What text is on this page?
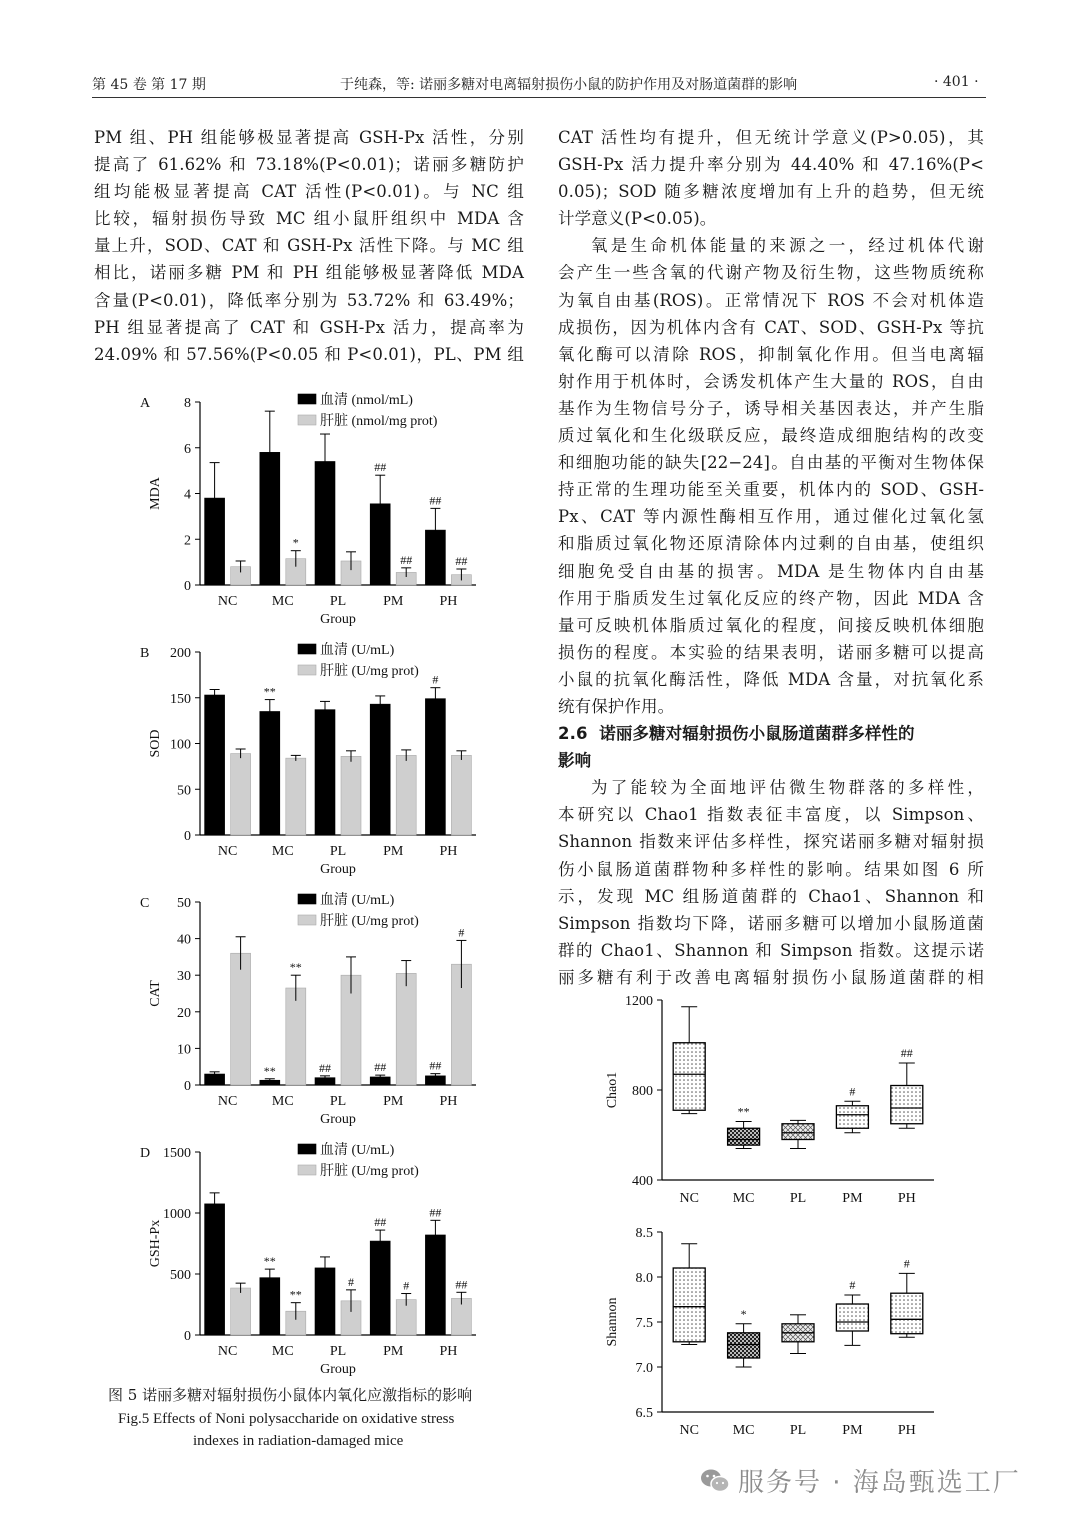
第 45 卷 第 17 期	于纯森，等: 诺丽多糖对电离辐射损伤小鼠的防护作用及对肠道菌群的影响	· 401 ·
PM 组、PH 组能够极显著提高 GSH-Px 活性，分别
提高了 61.62% 和 73.18%(P<0.01)；诺丽多糖防护
组均能极显著提高 CAT 活性(P<0.01)。与 NC 组
比较，辐射损伤导致 MC 组小鼠肝组织中 MDA 含
量上升，SOD、CAT 和 GSH-Px 活性下降。与 MC 组
相比，诺丽多糖 PM 和 PH 组能够极显著降低 MDA
含量(P<0.01)，降低率分别为 53.72% 和 63.49%；
PH 组显著提高了 CAT 和 GSH-Px 活力，提高率为
24.09% 和 57.56%(P<0.05 和 P<0.01)，PL、PM 组
CAT 活性均有提升，但无统计学意义(P>0.05)，其
GSH-Px 活力提升率分别为 44.40% 和 47.16%(P<
0.05)；SOD 随多糖浓度增加有上升的趋势，但无统
计学意义(P<0.05)。
氧是生命机体能量的来源之一，经过机体代谢
会产生一些含氧的代谢产物及衍生物，这些物质统称
为氧自由基(ROS)。正常情况下 ROS 不会对机体造
成损伤，因为机体内含有 CAT、SOD、GSH-Px 等抗
氧化酶可以清除 ROS，抑制氧化作用。但当电离辐
射作用于机体时，会诱发机体产生大量的 ROS，自由
基作为生物信号分子，诱导相关基因表达，并产生脂
质过氧化和生化级联反应，最终造成细胞结构的改变
和细胞功能的缺失[22−24]。自由基的平衡对生物体保
持正常的生理功能至关重要，机体内的 SOD、GSH-
Px、CAT 等内源性酶相互作用，通过催化过氧化氢
和脂质过氧化物还原清除体内过剩的自由基，使组织
细胞免受自由基的损害。MDA 是生物体内自由基
作用于脂质发生过氧化反应的终产物，因此 MDA 含
量可反映机体脂质过氧化的程度，间接反映机体细胞
损伤的程度。本实验的结果表明，诺丽多糖可以提高
小鼠的抗氧化酶活性，降低 MDA 含量，对抗氧化系
统有保护作用。
2.6 诺丽多糖对辐射损伤小鼠肠道菌群多样性的
影响
为了能较为全面地评估微生物群落的多样性，
本研究以 Chao1 指数表征丰富度，以 Simpson、
Shannon 指数来评估多样性，探究诺丽多糖对辐射损
伤小鼠肠道菌群物种多样性的影响。结果如图 6 所
示，发现 MC 组肠道菌群的 Chao1、Shannon 和
Simpson 指数均下降，诺丽多糖可以增加小鼠肠道菌
群的 Chao1、Shannon 和 Simpson 指数。这提示诺
丽多糖有利于改善电离辐射损伤小鼠肠道菌群的相
A
0
2
4
6
8
MDA
NC MC	PL	PM	PH
Group
##
##
血清 (nmol/mL)
*
##	##
肝脏 (nmol/mg prot)
B
0
50
100
150
200
SOD
NC MC	PL	PM	PH
Group
**
#
血清 (U/mL)
肝脏 (U/mg prot)
C
0
10
20
30
40
50
CAT
NC MC	PL	PM	PH
Group
**	##	##	##
血清 (U/mL)
**
#
肝脏 (U/mg prot)
D
0
500
1000
1500
GSH-Px
NC MC	PL	PM	PH
Group
**
##
##
血清 (U/mL)
**
#	#	##
肝脏 (U/mg prot)
图 5 诺丽多糖对辐射损伤小鼠体内氧化应激指标的影响
Fig.5 Effects of Noni polysaccharide on oxidative stress
indexes in radiation-damaged mice
400
800
1200
Chao1
NC MC
**
PL	PM
#
PH
##
6.5
7.0
7.5
8.0
8.5
Shannon
NC MC
*
PL	PM
#
PH
#
服务号 · 海岛甄选工厂
